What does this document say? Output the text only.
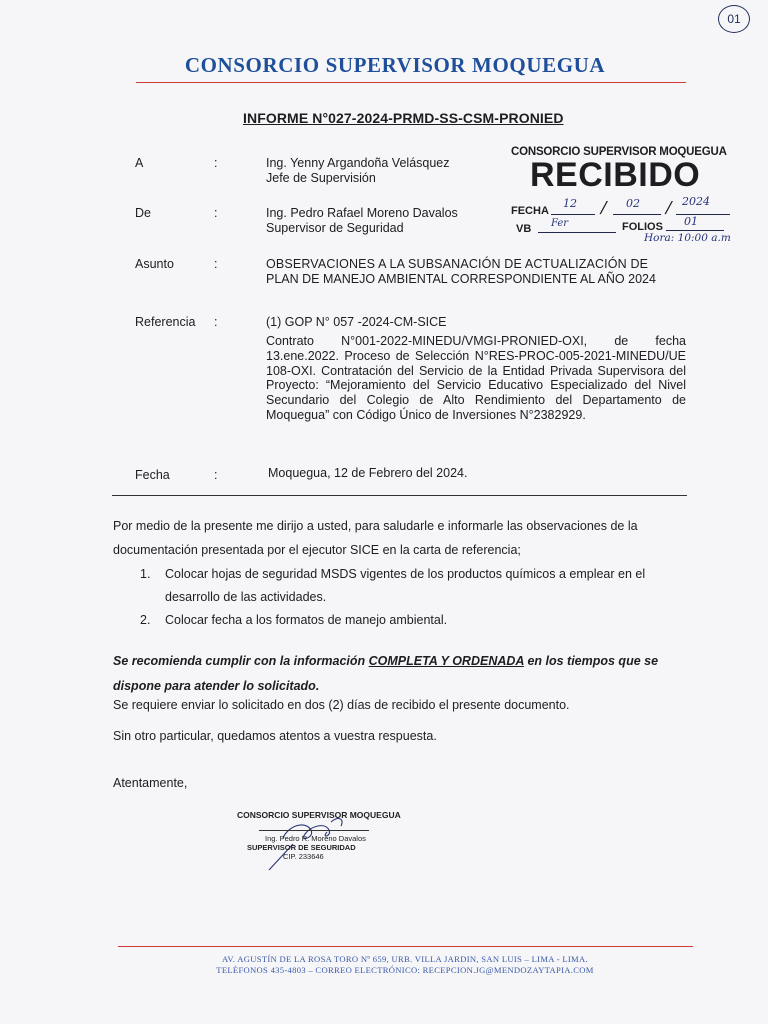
01
CONSORCIO SUPERVISOR MOQUEGUA
INFORME N°027-2024-PRMD-SS-CSM-PRONIED
A	:	Ing. Yenny Argandoña Velásquez
Jefe de Supervisión
De	:	Ing. Pedro Rafael Moreno Davalos
Supervisor de Seguridad
Asunto	:	OBSERVACIONES A LA SUBSANACIÓN DE ACTUALIZACIÓN DE
PLAN DE MANEJO AMBIENTAL CORRESPONDIENTE AL AÑO 2024
Referencia :	(1) GOP N° 057 -2024-CM-SICE
Contrato N°001-2022-MINEDU/VMGI-PRONIED-OXI, de fecha 13.ene.2022. Proceso de Selección N°RES-PROC-005-2021-MINEDU/UE 108-OXI. Contratación del Servicio de la Entidad Privada Supervisora del Proyecto: “Mejoramiento del Servicio Educativo Especializado del Nivel Secundario del Colegio de Alto Rendimiento del Departamento de Moquegua” con Código Único de Inversiones N°2382929.
Fecha	:	Moquegua, 12 de Febrero del 2024.
Por medio de la presente me dirijo a usted, para saludarle e informarle las observaciones de la
documentación presentada por el ejecutor SICE en la carta de referencia;
1. Colocar hojas de seguridad MSDS vigentes de los productos químicos a emplear en el
desarrollo de las actividades.
2. Colocar fecha a los formatos de manejo ambiental.
Se recomienda cumplir con la información COMPLETA Y ORDENADA en los tiempos que se
dispone para atender lo solicitado.
Se requiere enviar lo solicitado en dos (2) días de recibido el presente documento.
Sin otro particular, quedamos atentos a vuestra respuesta.
Atentamente,
CONSORCIO SUPERVISOR MOQUEGUA
RECIBIDO
FECHA
12 / 02 / 2024
VB Fer	FOLIOS 01
Hora: 10:00 a.m
CONSORCIO SUPERVISOR MOQUEGUA
Ing. Pedro R. Moreno Davalos
SUPERVISOR DE SEGURIDAD
CIP. 233646
AV. AGUSTÍN DE LA ROSA TORO Nº 659, URB. VILLA JARDIN, SAN LUIS – LIMA - LIMA.
TELÉFONOS 435-4803 – CORREO ELECTRÓNICO: RECEPCION.JG@MENDOZAYTAPIA.COM
